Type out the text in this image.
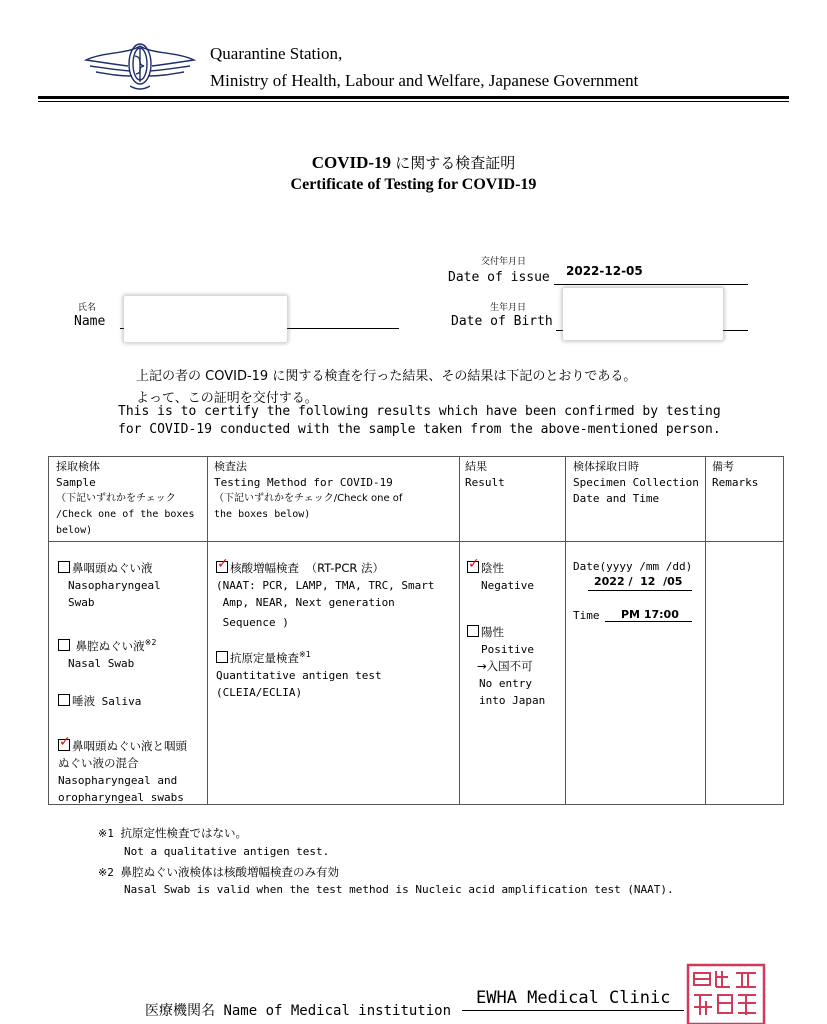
Quarantine Station,
Ministry of Health, Labour and Welfare, Japanese Government
COVID-19 に関する検査証明
Certificate of Testing for COVID-19
交付年月日
Date of issue 2022-12-05
氏名
Name
生年月日
Date of Birth
上記の者の COVID-19 に関する検査を行った結果、その結果は下記のとおりである。
よって、この証明を交付する。
This is to certify the following results which have been confirmed by testing
for COVID-19 conducted with the sample taken from the above-mentioned person.
採取検体
Sample
（下記いずれかをチェック
/Check one of the boxes
below)
検査法
Testing Method for COVID-19
（下記いずれかをチェック/Check one of
the boxes below)
結果
Result
検体採取日時
Specimen Collection
Date and Time
備考
Remarks
鼻咽頭ぬぐい液
Nasopharyngeal
Swab
鼻腔ぬぐい液$^{※2}$
Nasal Swab
唾液 Saliva
✓ 鼻咽頭ぬぐい液と咽頭
ぬぐい液の混合
Nasopharyngeal and
oropharyngeal swabs
✓ 核酸増幅検査 （RT-PCR 法）
(NAAT: PCR, LAMP, TMA, TRC, Smart
Amp, NEAR, Next generation
Sequence )
抗原定量検査$^{※1}$
Quantitative antigen test
(CLEIA/ECLIA)
✓ 陰性
Negative
陽性
Positive
→入国不可
No entry
into Japan
Date(yyyy /mm /dd)
2022 /  12  /05
Time PM 17:00
※1 抗原定性検査ではない。
Not a qualitative antigen test.
※2 鼻腔ぬぐい液検体は核酸増幅検査のみ有効
Nasal Swab is valid when the test method is Nucleic acid amplification test (NAAT).
医療機関名 Name of Medical institution
EWHA Medical Clinic
